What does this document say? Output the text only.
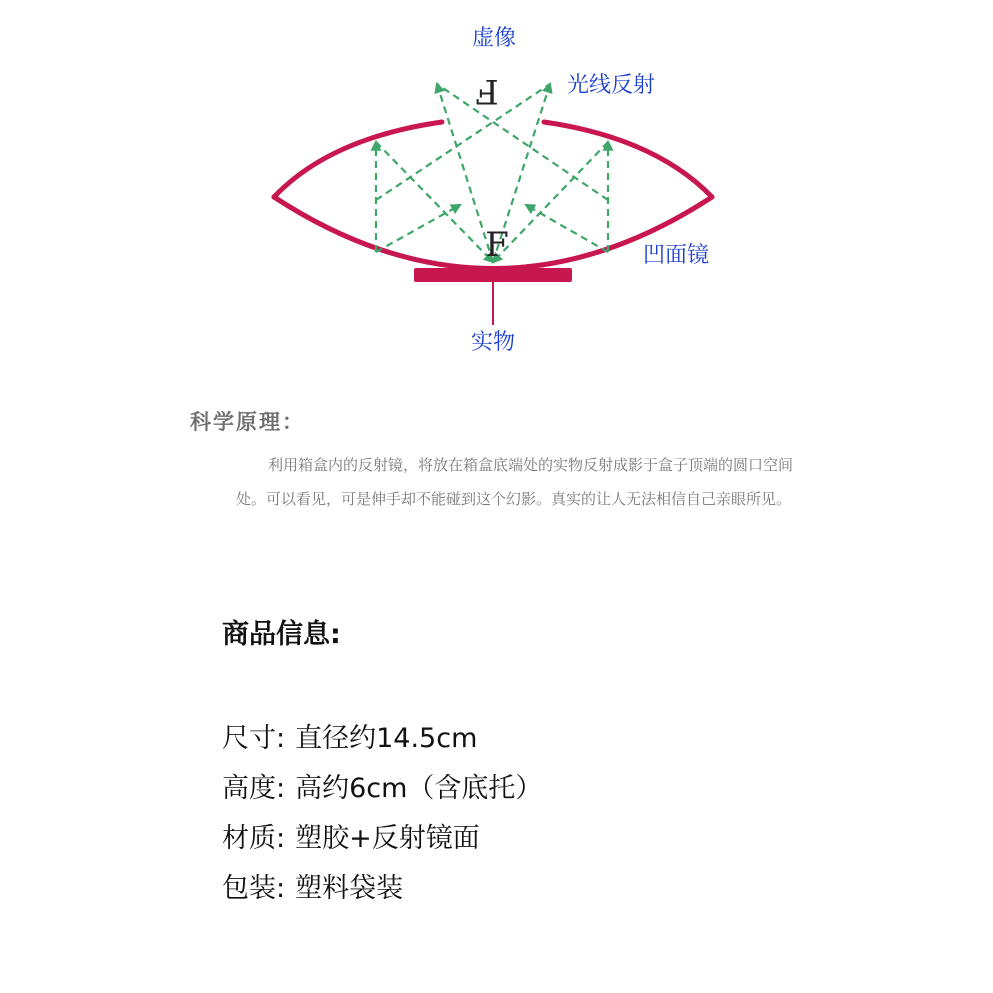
F
F
虚像
光线反射
凹面镜
实物
科学原理：

利用箱盒内的反射镜，将放在箱盒底端处的实物反射成影于盒子顶端的圆口空间处。可以看见，可是伸手却不能碰到这个幻影。真实的让人无法相信自己亲眼所见。

商品信息:

尺寸: 直径约14.5cm

高度: 高约6cm（含底托）

材质: 塑胶+反射镜面

包装: 塑料袋装
